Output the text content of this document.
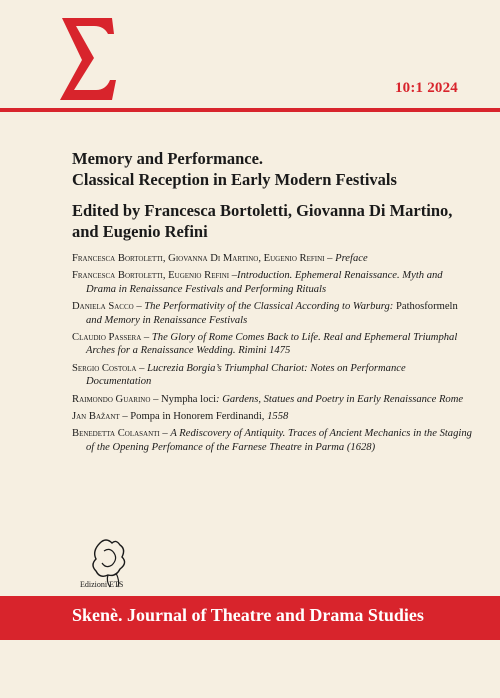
10:1 2024

Memory and Performance.
Classical Reception in Early Modern Festivals

Edited by Francesca Bortoletti, Giovanna Di Martino, and Eugenio Refini

Francesca Bortoletti, Giovanna Di Martino, Eugenio Refini – Preface
Francesca Bortoletti, Eugenio Refini –Introduction. Ephemeral Renaissance. Myth and Drama in Renaissance Festivals and Performing Rituals
Daniela Sacco – The Performativity of the Classical According to Warburg: Pathosformeln and Memory in Renaissance Festivals
Claudio Passera – The Glory of Rome Comes Back to Life. Real and Ephemeral Triumphal Arches for a Renaissance Wedding. Rimini 1475
Sergio Costola – Lucrezia Borgia’s Triumphal Chariot: Notes on Performance Documentation
Raimondo Guarino – Nympha loci: Gardens, Statues and Poetry in Early Renaissance Rome
Jan Bažant – Pompa in Honorem Ferdinandi, 1558
Benedetta Colasanti – A Rediscovery of Antiquity. Traces of Ancient Mechanics in the Staging of the Opening Perfomance of the Farnese Theatre in Parma (1628)
Edizioni ETS
Skenè. Journal of Theatre and Drama Studies
